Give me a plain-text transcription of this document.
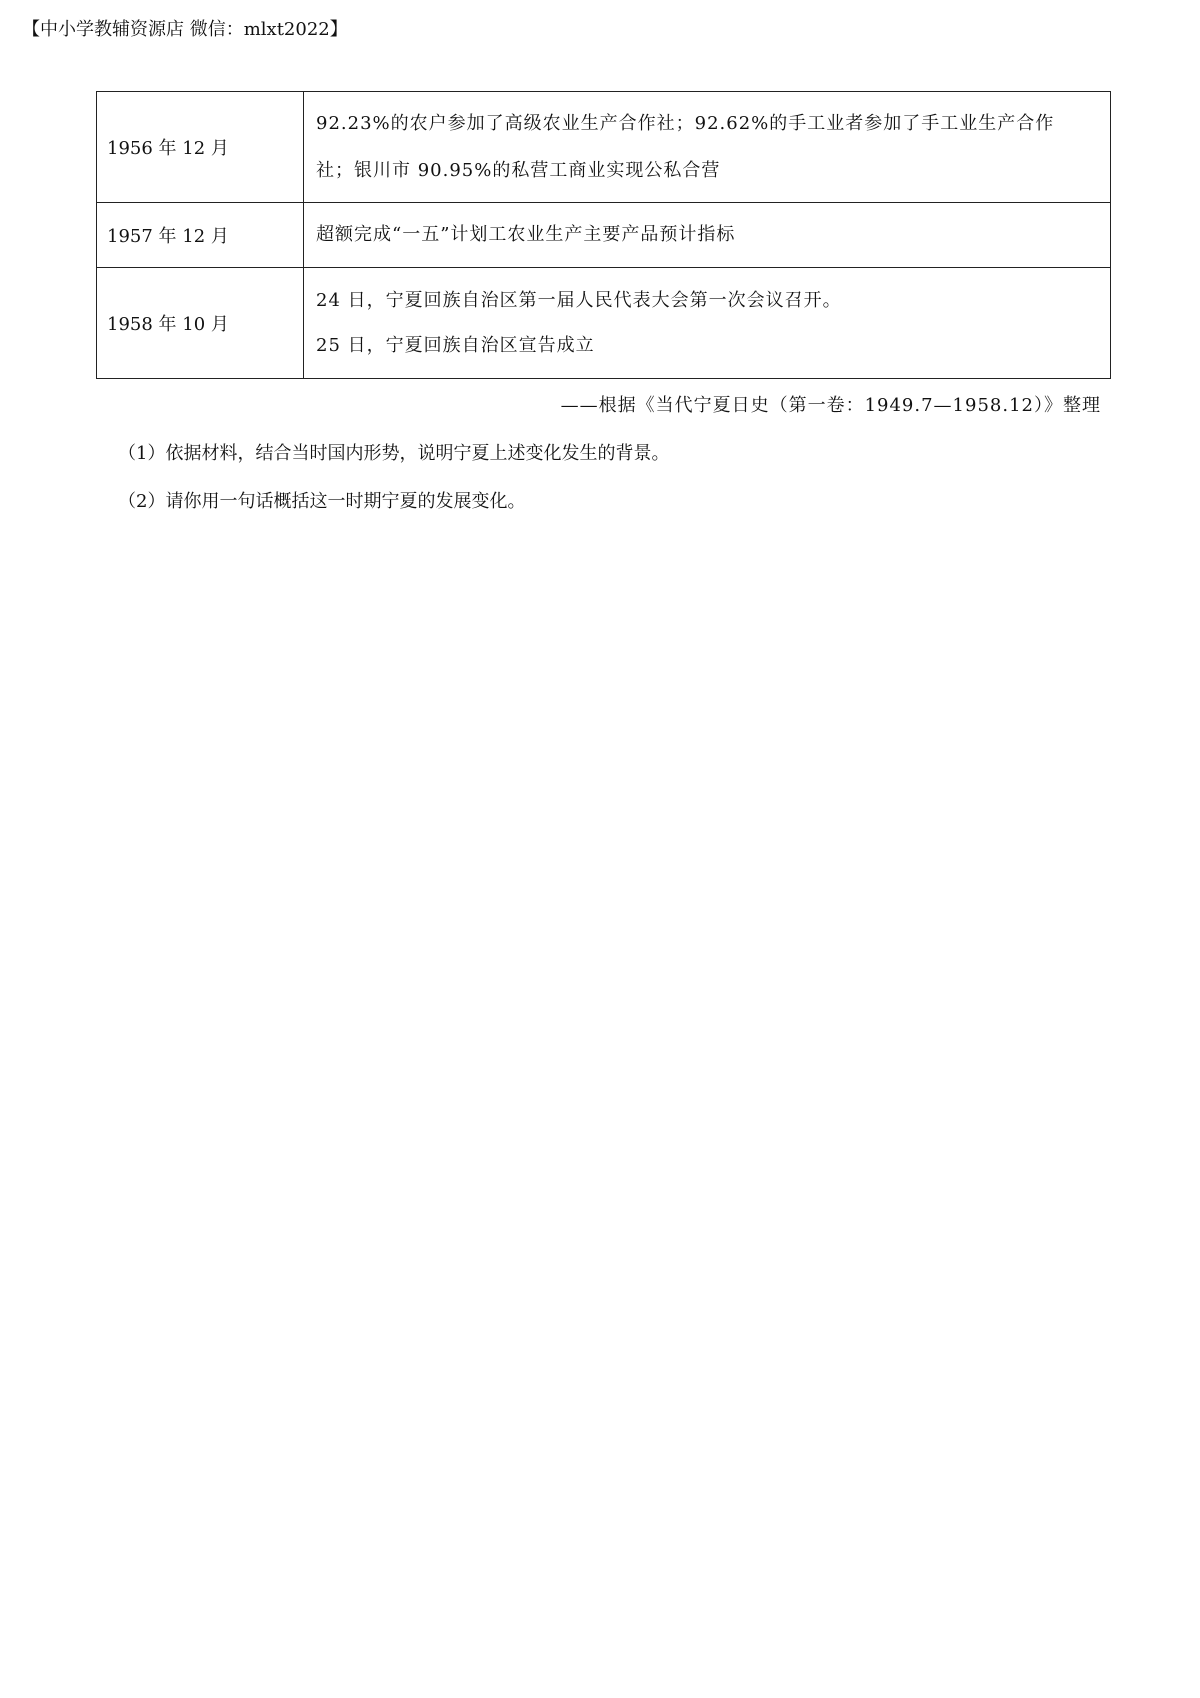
【中小学教辅资源店 微信：mlxt2022】
1956 年 12 月	92.23%的农户参加了高级农业生产合作社；92.62%的手工业者参加了手工业生产合作
社；银川市 90.95%的私营工商业实现公私合营

1957 年 12 月	超额完成“一五”计划工农业生产主要产品预计指标

1958 年 10 月	24 日，宁夏回族自治区第一届人民代表大会第一次会议召开。
25 日，宁夏回族自治区宣告成立
——根据《当代宁夏日史（第一卷：1949.7—1958.12）》整理
（1）依据材料，结合当时国内形势，说明宁夏上述变化发生的背景。
（2）请你用一句话概括这一时期宁夏的发展变化。
